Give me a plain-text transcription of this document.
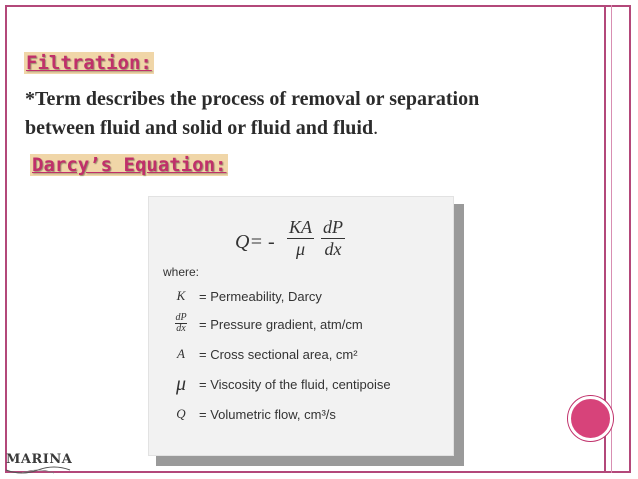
Filtration:
*Term describes the process of removal or separation
between fluid and solid or fluid and fluid.
Darcy’s Equation:
$Q= - \frac{KA}{\mu} \frac{dP}{dx}$
where:
K	= Permeability, Darcy
$\frac{dP}{dx}$ = Pressure gradient, atm/cm
A	= Cross sectional area, cm²
μ = Viscosity of the fluid, centipoise
Q	= Volumetric flow, cm³/s
MARINA
